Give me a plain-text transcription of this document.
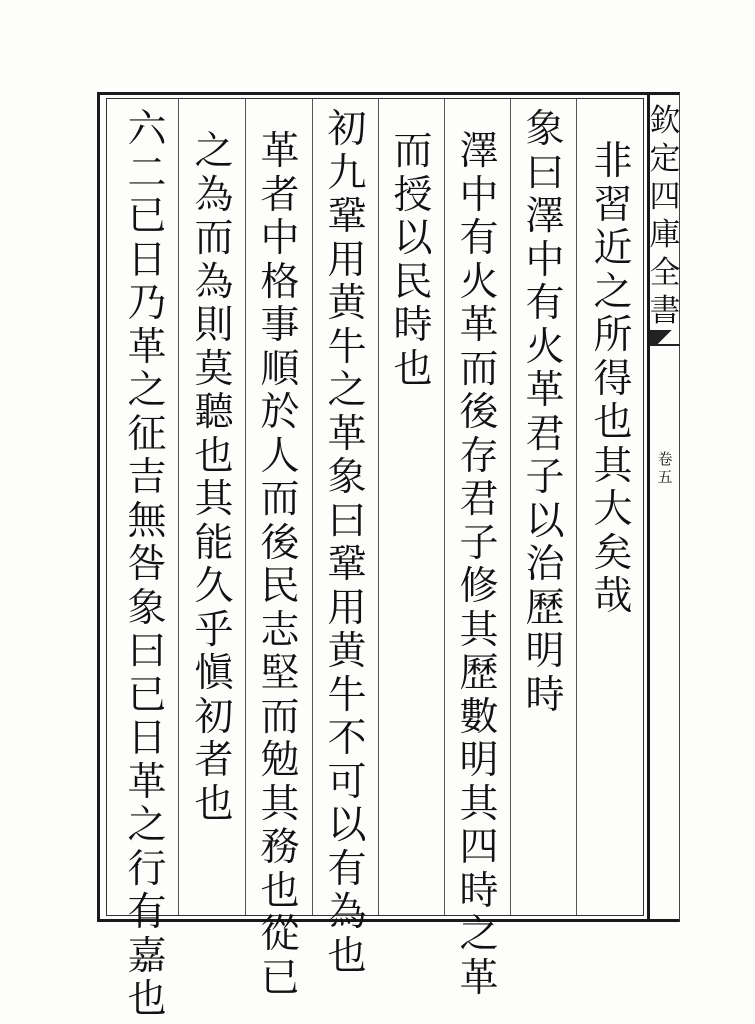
非
習
近
之
所
得
也
其
大
矣
哉
象
曰
澤
中
有
火
革
君
子
以
治
歷
明
時
澤
中
有
火
革
而
後
存
君
子
修
其
歷
數
明
其
四
時
之
革
而
授
以
民
時
也
初
九
鞏
用
黄
牛
之
革
象
曰
鞏
用
黄
牛
不
可
以
有
為
也
革
者
中
格
事
順
於
人
而
後
民
志
堅
而
勉
其
務
也
從
已
之
為
而
為
則
莫
聽
也
其
能
久
乎
愼
初
者
也
六
二
已
日
乃
革
之
征
吉
無
咎
象
曰
已
日
革
之
行
有
嘉
也
欽
定
四
庫
全
書
卷
五
